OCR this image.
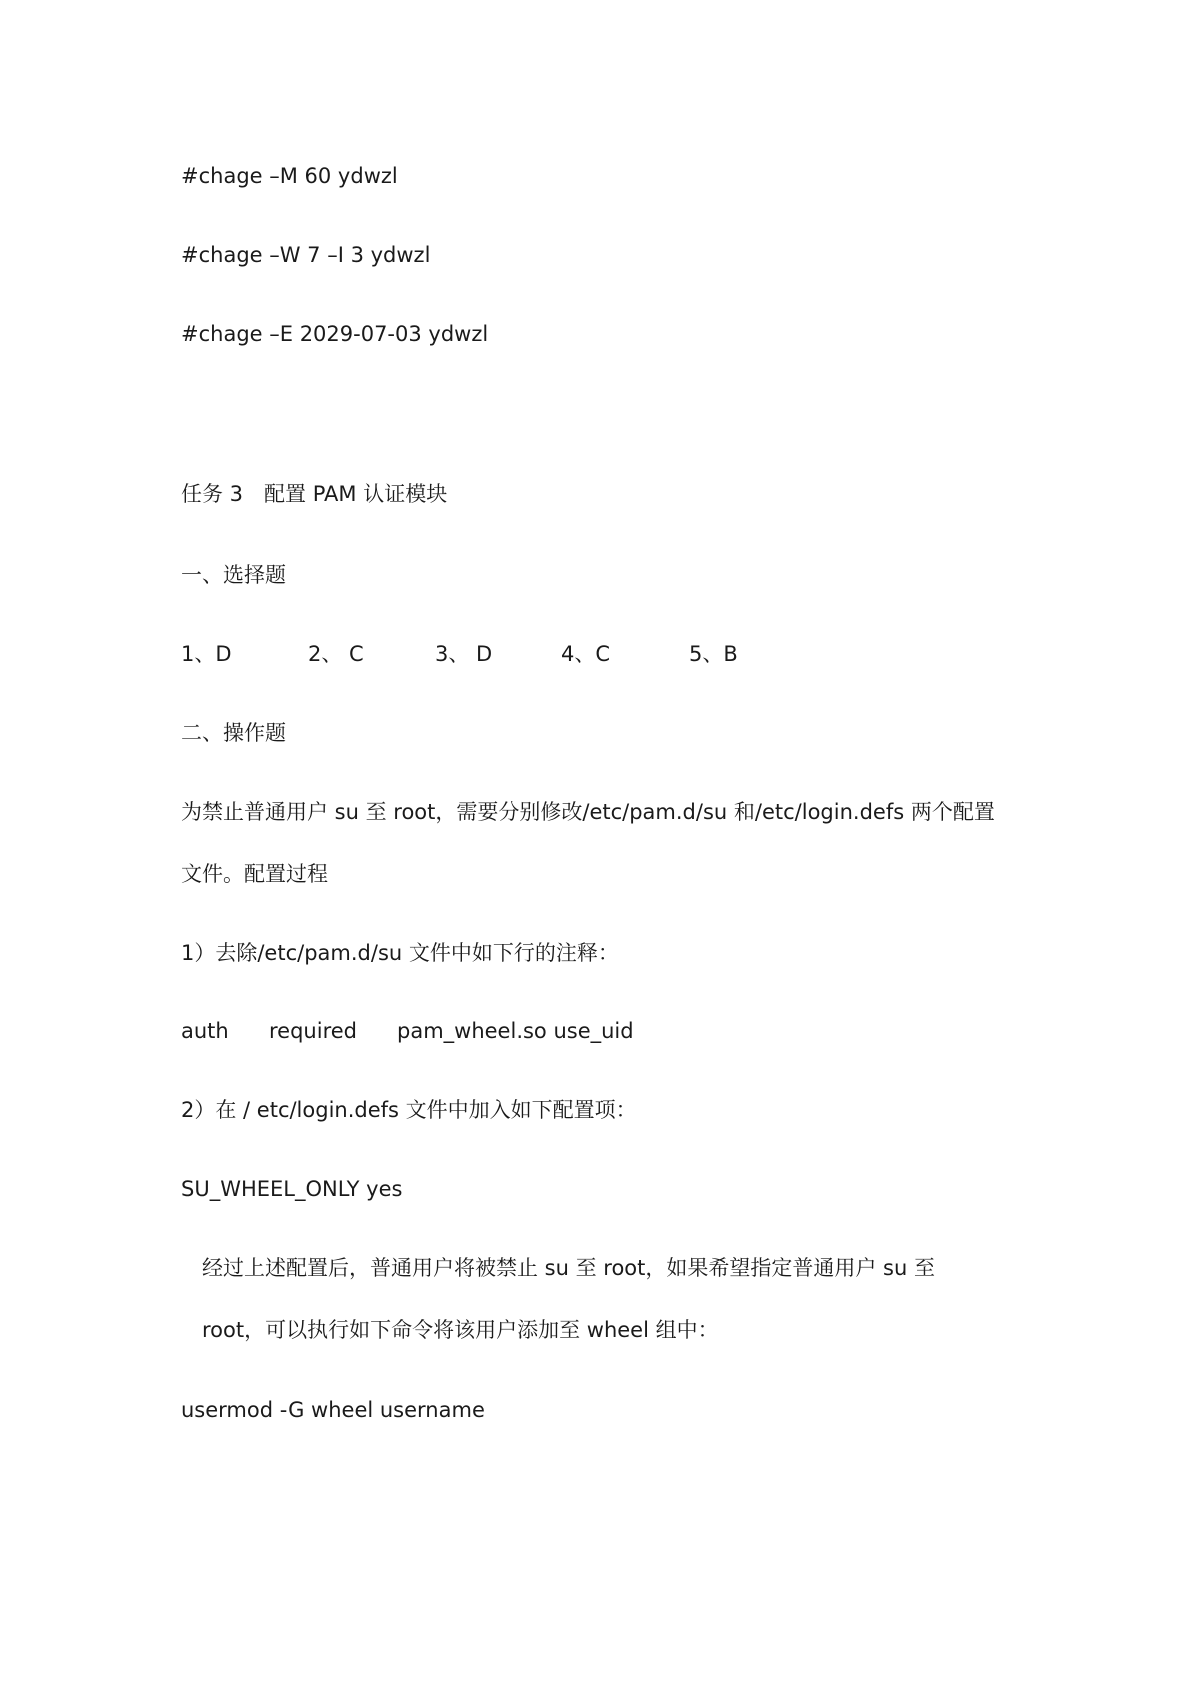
#chage –M 60 ydwzl
#chage –W 7 –I 3 ydwzl
#chage –E 2029-07-03 ydwzl
任务 3　配置 PAM 认证模块
一、选择题

1、D

	2、 C

	3、 D

	4、C

	5、B

二、操作题
为禁止普通用户 su 至 root，需要分别修改/etc/pam.d/su 和/etc/login.defs 两个配置
文件。配置过程
1）去除/etc/pam.d/su 文件中如下行的注释：

auth

required

pam_wheel.so use_uid

2）在 / etc/login.defs 文件中加入如下配置项：
SU_WHEEL_ONLY yes
经过上述配置后，普通用户将被禁止 su 至 root，如果希望指定普通用户 su 至
root，可以执行如下命令将该用户添加至 wheel 组中：
usermod -G wheel username
